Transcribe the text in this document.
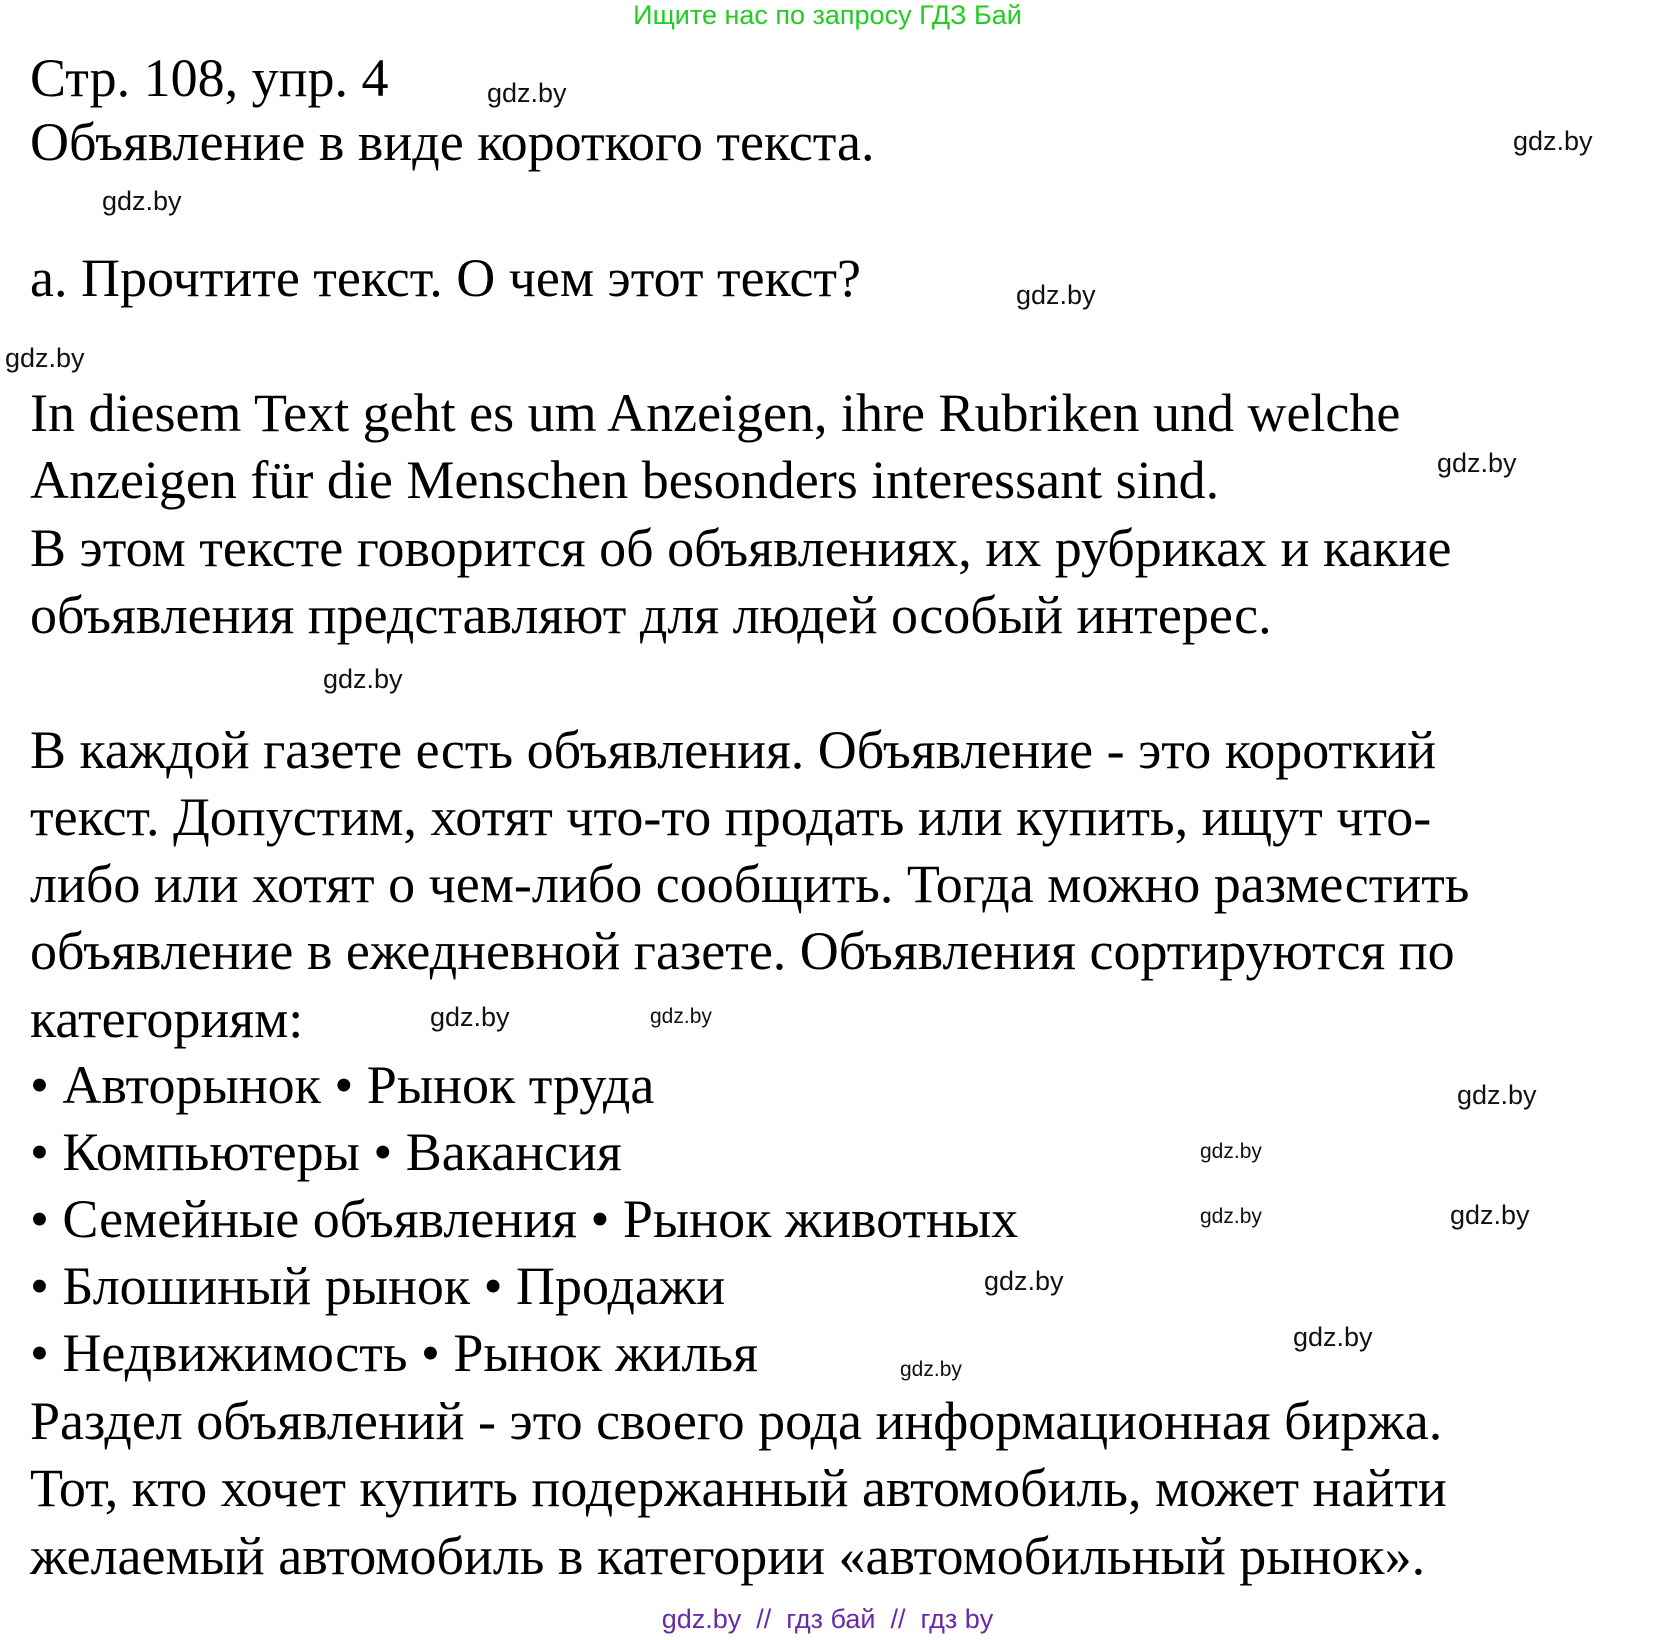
Ищите нас по запросу ГДЗ Бай
Стр. 108, упр. 4
Объявление в виде короткого текста.
а. Прочтите текст. О чем этот текст?
In diesem Text geht es um Anzeigen, ihre Rubriken und welche
Anzeigen für die Menschen besonders interessant sind.
В этом тексте говорится об объявлениях, их рубриках и какие
объявления представляют для людей особый интерес.
В каждой газете есть объявления. Объявление - это короткий
текст. Допустим, хотят что-то продать или купить, ищут что-
либо или хотят о чем-либо сообщить. Тогда можно разместить
объявление в ежедневной газете. Объявления сортируются по
категориям:
• Авторынок • Рынок труда
• Компьютеры • Вакансия
• Семейные объявления • Рынок животных
• Блошиный рынок • Продажи
• Недвижимость • Рынок жилья
Раздел объявлений - это своего рода информационная биржа.
Тот, кто хочет купить подержанный автомобиль, может найти
желаемый автомобиль в категории «автомобильный рынок».
gdz.by
gdz.by
gdz.by
gdz.by
gdz.by
gdz.by
gdz.by
gdz.by
gdz.by
gdz.by
gdz.by
gdz.by
gdz.by
gdz.by
gdz.by	gdz.by
gdz.by  //  гдз бай  //  гдз by
